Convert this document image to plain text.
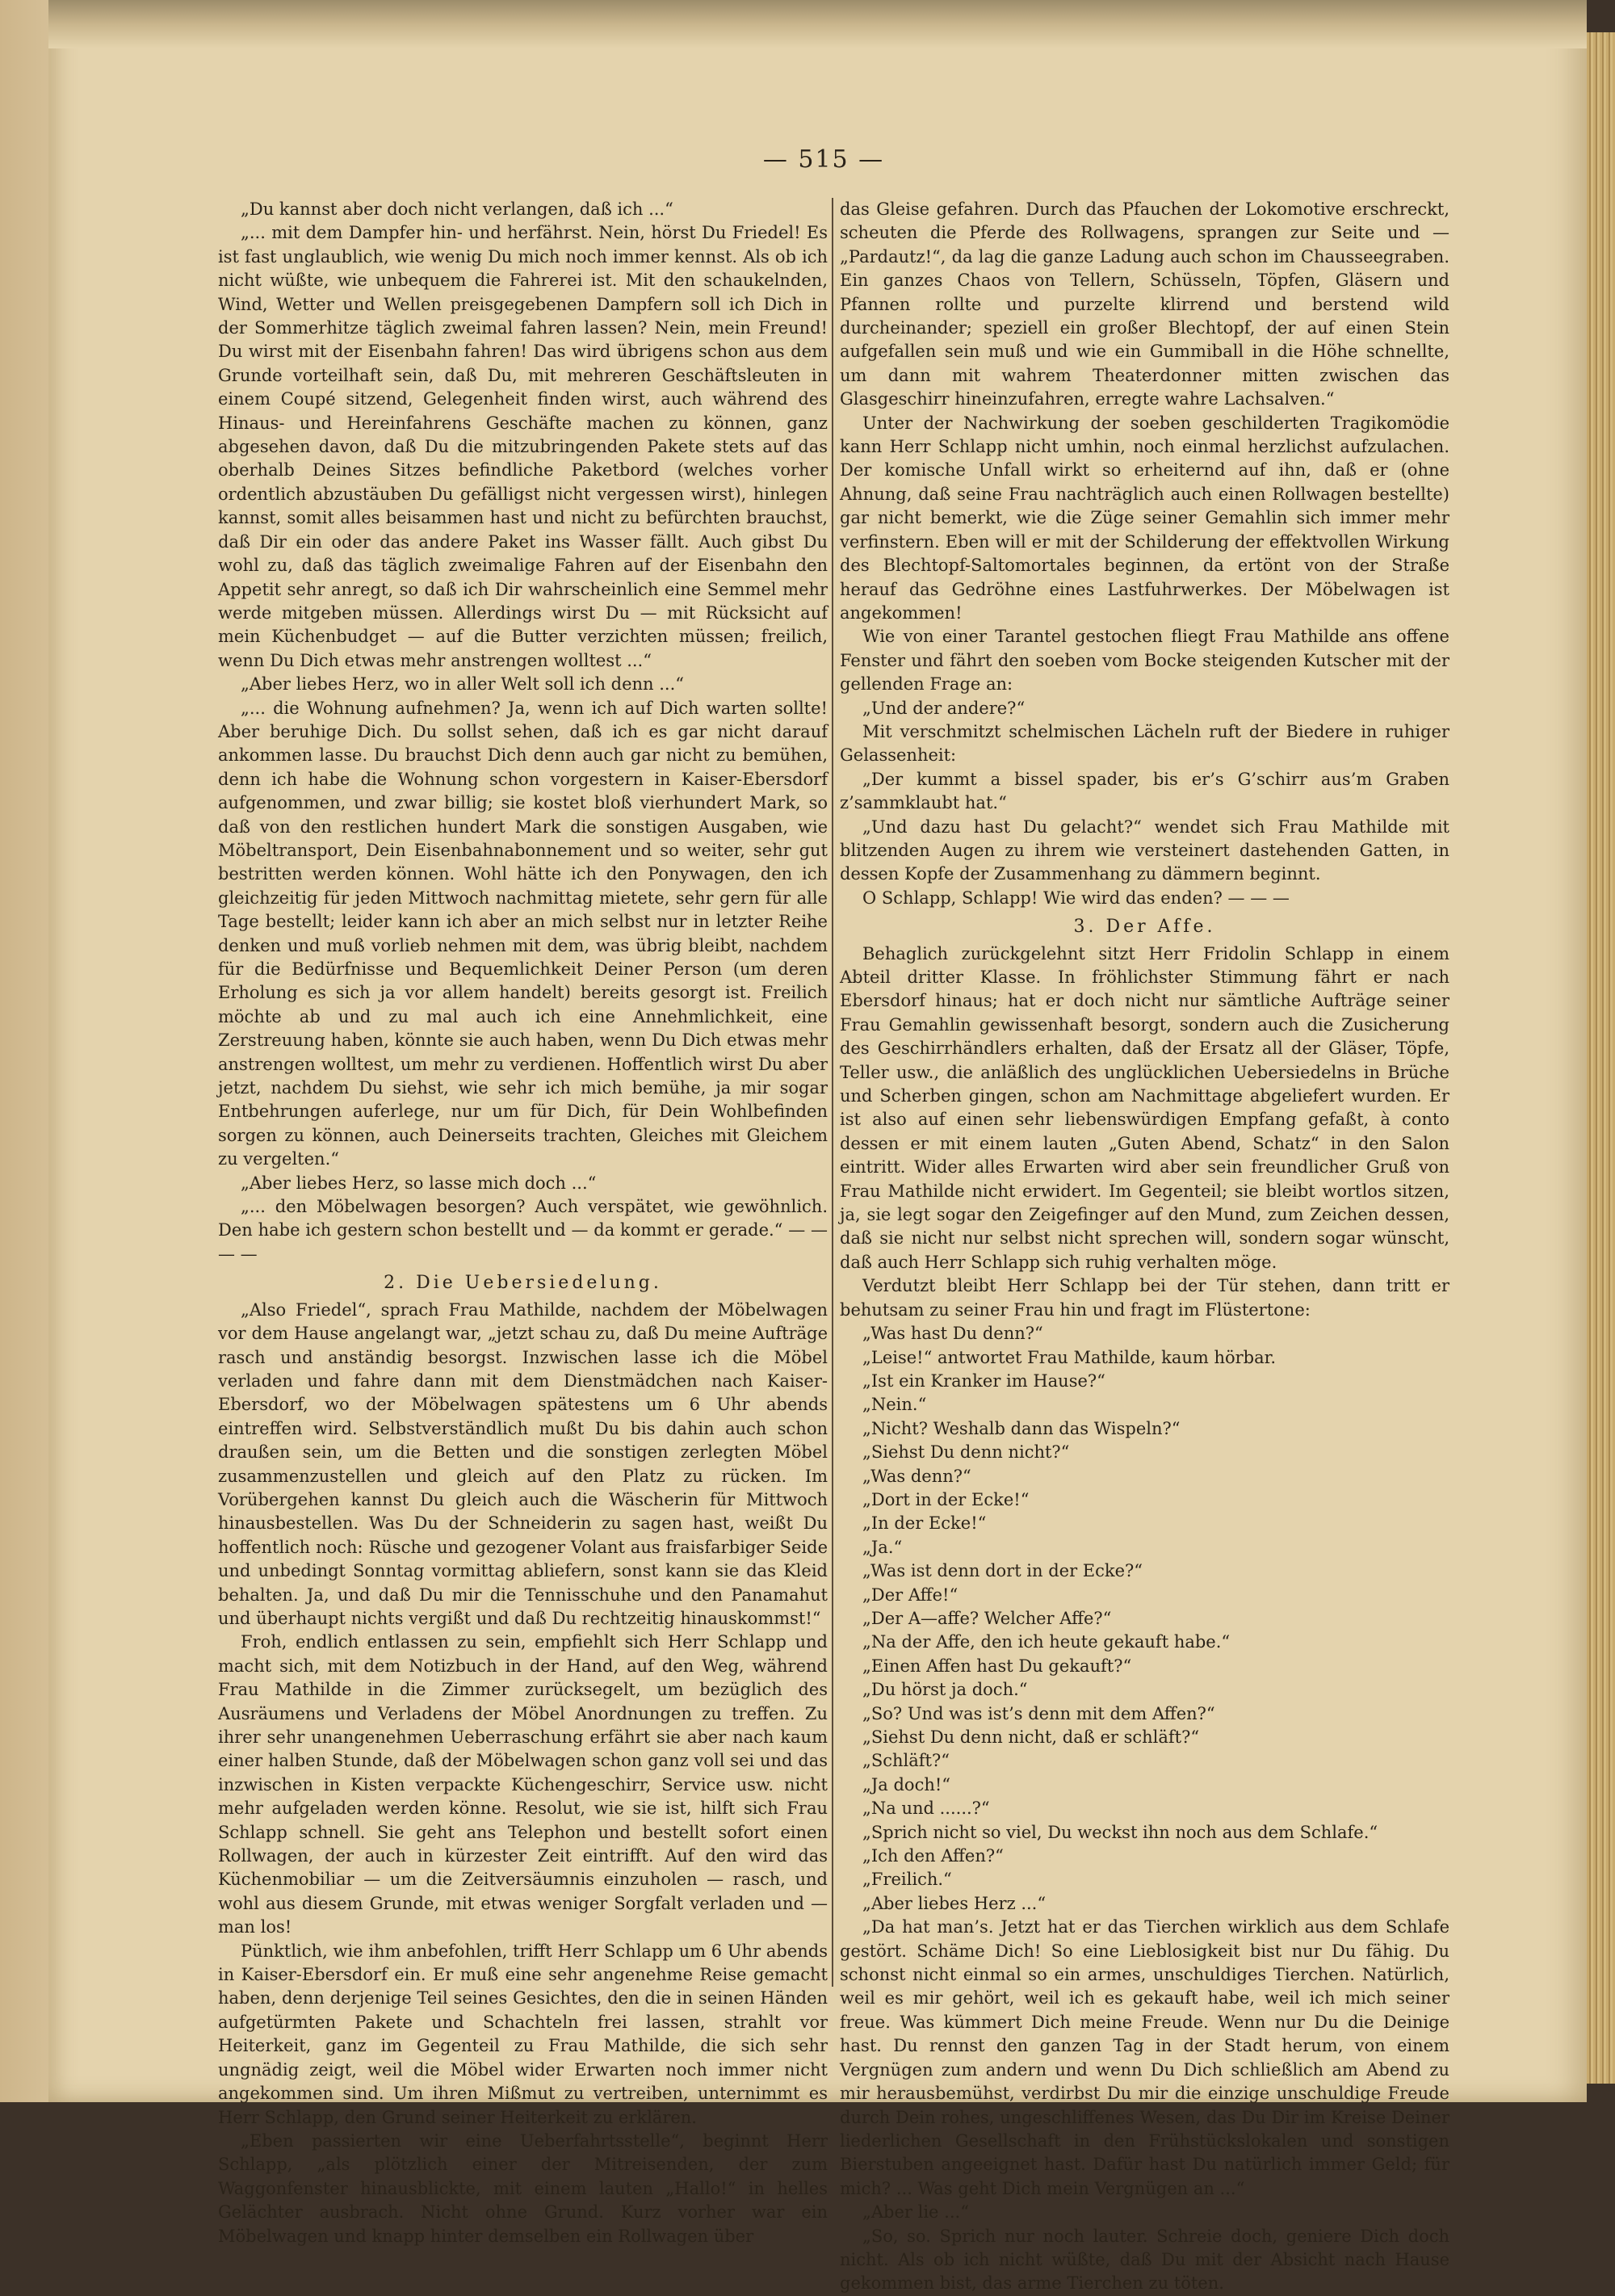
— 515 —

„Du kannst aber doch nicht verlangen, daß ich ...“

„... mit dem Dampfer hin- und herfährst. Nein, hörst Du Friedel! Es ist fast unglaublich, wie wenig Du mich noch immer kennst. Als ob ich nicht wüßte, wie unbequem die Fahrerei ist. Mit den schaukelnden, Wind, Wetter und Wellen preisgegebenen Dampfern soll ich Dich in der Sommerhitze täglich zweimal fahren lassen? Nein, mein Freund! Du wirst mit der Eisenbahn fahren! Das wird übrigens schon aus dem Grunde vorteilhaft sein, daß Du, mit mehreren Geschäftsleuten in einem Coupé sitzend, Gelegenheit finden wirst, auch während des Hinaus- und Hereinfahrens Geschäfte machen zu können, ganz abgesehen davon, daß Du die mitzubringenden Pakete stets auf das oberhalb Deines Sitzes befindliche Paketbord (welches vorher ordentlich abzustäuben Du gefälligst nicht vergessen wirst), hinlegen kannst, somit alles beisammen hast und nicht zu befürchten brauchst, daß Dir ein oder das andere Paket ins Wasser fällt. Auch gibst Du wohl zu, daß das täglich zweimalige Fahren auf der Eisenbahn den Appetit sehr anregt, so daß ich Dir wahrscheinlich eine Semmel mehr werde mitgeben müssen. Allerdings wirst Du — mit Rücksicht auf mein Küchenbudget — auf die Butter verzichten müssen; freilich, wenn Du Dich etwas mehr anstrengen wolltest ...“

„Aber liebes Herz, wo in aller Welt soll ich denn ...“

„... die Wohnung aufnehmen? Ja, wenn ich auf Dich warten sollte! Aber beruhige Dich. Du sollst sehen, daß ich es gar nicht darauf ankommen lasse. Du brauchst Dich denn auch gar nicht zu bemühen, denn ich habe die Wohnung schon vorgestern in Kaiser-Ebersdorf aufgenommen, und zwar billig; sie kostet bloß vierhundert Mark, so daß von den restlichen hundert Mark die sonstigen Ausgaben, wie Möbeltransport, Dein Eisenbahnabonnement und so weiter, sehr gut bestritten werden können. Wohl hätte ich den Ponywagen, den ich gleichzeitig für jeden Mittwoch nachmittag mietete, sehr gern für alle Tage bestellt; leider kann ich aber an mich selbst nur in letzter Reihe denken und muß vorlieb nehmen mit dem, was übrig bleibt, nachdem für die Bedürfnisse und Bequemlichkeit Deiner Person (um deren Erholung es sich ja vor allem handelt) bereits gesorgt ist. Freilich möchte ab und zu mal auch ich eine Annehmlichkeit, eine Zerstreuung haben, könnte sie auch haben, wenn Du Dich etwas mehr anstrengen wolltest, um mehr zu verdienen. Hoffentlich wirst Du aber jetzt, nachdem Du siehst, wie sehr ich mich bemühe, ja mir sogar Entbehrungen auferlege, nur um für Dich, für Dein Wohlbefinden sorgen zu können, auch Deinerseits trachten, Gleiches mit Gleichem zu vergelten.“

„Aber liebes Herz, so lasse mich doch ...“

„... den Möbelwagen besorgen? Auch verspätet, wie gewöhnlich. Den habe ich gestern schon bestellt und — da kommt er gerade.“ — — — —

2. Die Uebersiedelung.

„Also Friedel“, sprach Frau Mathilde, nachdem der Möbelwagen vor dem Hause angelangt war, „jetzt schau zu, daß Du meine Aufträge rasch und anständig besorgst. Inzwischen lasse ich die Möbel verladen und fahre dann mit dem Dienstmädchen nach Kaiser-Ebersdorf, wo der Möbelwagen spätestens um 6 Uhr abends eintreffen wird. Selbstverständlich mußt Du bis dahin auch schon draußen sein, um die Betten und die sonstigen zerlegten Möbel zusammenzustellen und gleich auf den Platz zu rücken. Im Vorübergehen kannst Du gleich auch die Wäscherin für Mittwoch hinausbestellen. Was Du der Schneiderin zu sagen hast, weißt Du hoffentlich noch: Rüsche und gezogener Volant aus fraisfarbiger Seide und unbedingt Sonntag vormittag abliefern, sonst kann sie das Kleid behalten. Ja, und daß Du mir die Tennisschuhe und den Panamahut und überhaupt nichts vergißt und daß Du rechtzeitig hinauskommst!“

Froh, endlich entlassen zu sein, empfiehlt sich Herr Schlapp und macht sich, mit dem Notizbuch in der Hand, auf den Weg, während Frau Mathilde in die Zimmer zurücksegelt, um bezüglich des Ausräumens und Verladens der Möbel Anordnungen zu treffen. Zu ihrer sehr unangenehmen Ueberraschung erfährt sie aber nach kaum einer halben Stunde, daß der Möbelwagen schon ganz voll sei und das inzwischen in Kisten verpackte Küchengeschirr, Service usw. nicht mehr aufgeladen werden könne. Resolut, wie sie ist, hilft sich Frau Schlapp schnell. Sie geht ans Telephon und bestellt sofort einen Rollwagen, der auch in kürzester Zeit eintrifft. Auf den wird das Küchenmobiliar — um die Zeitversäumnis einzuholen — rasch, und wohl aus diesem Grunde, mit etwas weniger Sorgfalt verladen und — man los!

Pünktlich, wie ihm anbefohlen, trifft Herr Schlapp um 6 Uhr abends in Kaiser-Ebersdorf ein. Er muß eine sehr angenehme Reise gemacht haben, denn derjenige Teil seines Gesichtes, den die in seinen Händen aufgetürmten Pakete und Schachteln frei lassen, strahlt vor Heiterkeit, ganz im Gegenteil zu Frau Mathilde, die sich sehr ungnädig zeigt, weil die Möbel wider Erwarten noch immer nicht angekommen sind. Um ihren Mißmut zu vertreiben, unternimmt es Herr Schlapp, den Grund seiner Heiterkeit zu erklären.

„Eben passierten wir eine Ueberfahrtsstelle“, beginnt Herr Schlapp, „als plötzlich einer der Mitreisenden, der zum Waggonfenster hinausblickte, mit einem lauten „Hallo!“ in helles Gelächter ausbrach. Nicht ohne Grund. Kurz vorher war ein Möbelwagen und knapp hinter demselben ein Rollwagen über

das Gleise gefahren. Durch das Pfauchen der Lokomotive erschreckt, scheuten die Pferde des Rollwagens, sprangen zur Seite und — „Pardautz!“, da lag die ganze Ladung auch schon im Chausseegraben. Ein ganzes Chaos von Tellern, Schüsseln, Töpfen, Gläsern und Pfannen rollte und purzelte klirrend und berstend wild durcheinander; speziell ein großer Blechtopf, der auf einen Stein aufgefallen sein muß und wie ein Gummiball in die Höhe schnellte, um dann mit wahrem Theaterdonner mitten zwischen das Glasgeschirr hineinzufahren, erregte wahre Lachsalven.“

Unter der Nachwirkung der soeben geschilderten Tragikomödie kann Herr Schlapp nicht umhin, noch einmal herzlichst aufzulachen. Der komische Unfall wirkt so erheiternd auf ihn, daß er (ohne Ahnung, daß seine Frau nachträglich auch einen Rollwagen bestellte) gar nicht bemerkt, wie die Züge seiner Gemahlin sich immer mehr verfinstern. Eben will er mit der Schilderung der effektvollen Wirkung des Blechtopf-Saltomortales beginnen, da ertönt von der Straße herauf das Gedröhne eines Lastfuhrwerkes. Der Möbelwagen ist angekommen!

Wie von einer Tarantel gestochen fliegt Frau Mathilde ans offene Fenster und fährt den soeben vom Bocke steigenden Kutscher mit der gellenden Frage an:

„Und der andere?“

Mit verschmitzt schelmischen Lächeln ruft der Biedere in ruhiger Gelassenheit:

„Der kummt a bissel spader, bis er’s G’schirr aus’m Graben z’sammklaubt hat.“

„Und dazu hast Du gelacht?“ wendet sich Frau Mathilde mit blitzenden Augen zu ihrem wie versteinert dastehenden Gatten, in dessen Kopfe der Zusammenhang zu dämmern beginnt.

O Schlapp, Schlapp! Wie wird das enden? — — —

3. Der Affe.

Behaglich zurückgelehnt sitzt Herr Fridolin Schlapp in einem Abteil dritter Klasse. In fröhlichster Stimmung fährt er nach Ebersdorf hinaus; hat er doch nicht nur sämtliche Aufträge seiner Frau Gemahlin gewissenhaft besorgt, sondern auch die Zusicherung des Geschirrhändlers erhalten, daß der Ersatz all der Gläser, Töpfe, Teller usw., die anläßlich des unglücklichen Uebersiedelns in Brüche und Scherben gingen, schon am Nachmittage abgeliefert wurden. Er ist also auf einen sehr liebenswürdigen Empfang gefaßt, à conto dessen er mit einem lauten „Guten Abend, Schatz“ in den Salon eintritt. Wider alles Erwarten wird aber sein freundlicher Gruß von Frau Mathilde nicht erwidert. Im Gegenteil; sie bleibt wortlos sitzen, ja, sie legt sogar den Zeigefinger auf den Mund, zum Zeichen dessen, daß sie nicht nur selbst nicht sprechen will, sondern sogar wünscht, daß auch Herr Schlapp sich ruhig verhalten möge.

Verdutzt bleibt Herr Schlapp bei der Tür stehen, dann tritt er behutsam zu seiner Frau hin und fragt im Flüstertone:

„Was hast Du denn?“

„Leise!“ antwortet Frau Mathilde, kaum hörbar.

„Ist ein Kranker im Hause?“

„Nein.“

„Nicht? Weshalb dann das Wispeln?“

„Siehst Du denn nicht?“

„Was denn?“

„Dort in der Ecke!“

„In der Ecke!“

„Ja.“

„Was ist denn dort in der Ecke?“

„Der Affe!“

„Der A—affe? Welcher Affe?“

„Na der Affe, den ich heute gekauft habe.“

„Einen Affen hast Du gekauft?“

„Du hörst ja doch.“

„So? Und was ist’s denn mit dem Affen?“

„Siehst Du denn nicht, daß er schläft?“

„Schläft?“

„Ja doch!“

„Na und ......?“

„Sprich nicht so viel, Du weckst ihn noch aus dem Schlafe.“

„Ich den Affen?“

„Freilich.“

„Aber liebes Herz ...“

„Da hat man’s. Jetzt hat er das Tierchen wirklich aus dem Schlafe gestört. Schäme Dich! So eine Lieblosigkeit bist nur Du fähig. Du schonst nicht einmal so ein armes, unschuldiges Tierchen. Natürlich, weil es mir gehört, weil ich es gekauft habe, weil ich mich seiner freue. Was kümmert Dich meine Freude. Wenn nur Du die Deinige hast. Du rennst den ganzen Tag in der Stadt herum, von einem Vergnügen zum andern und wenn Du Dich schließlich am Abend zu mir herausbemühst, verdirbst Du mir die einzige unschuldige Freude durch Dein rohes, ungeschliffenes Wesen, das Du Dir im Kreise Deiner liederlichen Gesellschaft in den Frühstückslokalen und sonstigen Bierstuben angeeignet hast. Dafür hast Du natürlich immer Geld; für mich? ... Was geht Dich mein Vergnügen an ...“

„Aber lie ...“

„So, so. Sprich nur noch lauter. Schreie doch, geniere Dich doch nicht. Als ob ich nicht wüßte, daß Du mit der Absicht nach Hause gekommen bist, das arme Tierchen zu töten.
